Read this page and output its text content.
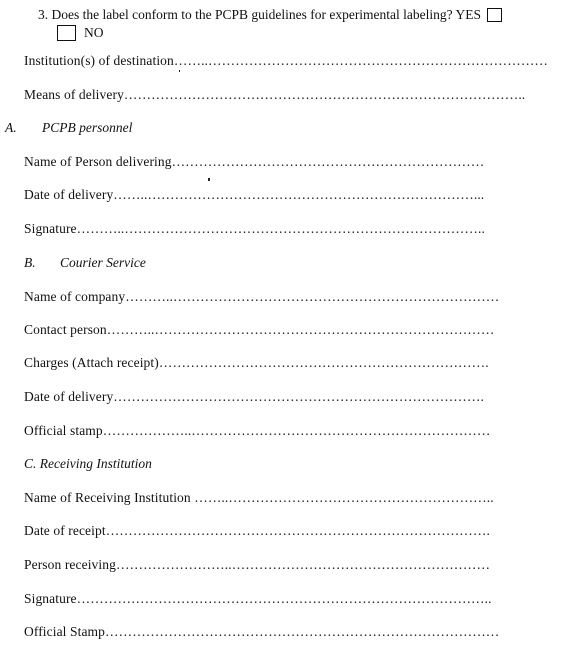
3. Does the label conform to the PCPB guidelines for experimental labeling? YES
NO
Institution(s) of destination……..…………………………………………………………………
Means of delivery……………………………………………………………………………..
A. PCPB personnel
Name of Person delivering……………………………………………………………
Date of delivery……..………………………………………………………………...
Signature………..……………………………………………………………………..
B. Courier Service
Name of company………..………………………………………………………………
Contact person………..…………………………………………………………………
Charges (Attach receipt)……………………………………………………………….
Date of delivery……………………………………………………………………….
Official stamp………………..…………………………………………………………
C. Receiving Institution
Name of Receiving Institution ……..…………………………………………………..
Date of receipt………………………………………………………………………….
Person receiving……………………..…………………………………………………
Signature………………………………………………………………………………..
Official Stamp……………………………………………………………………………
